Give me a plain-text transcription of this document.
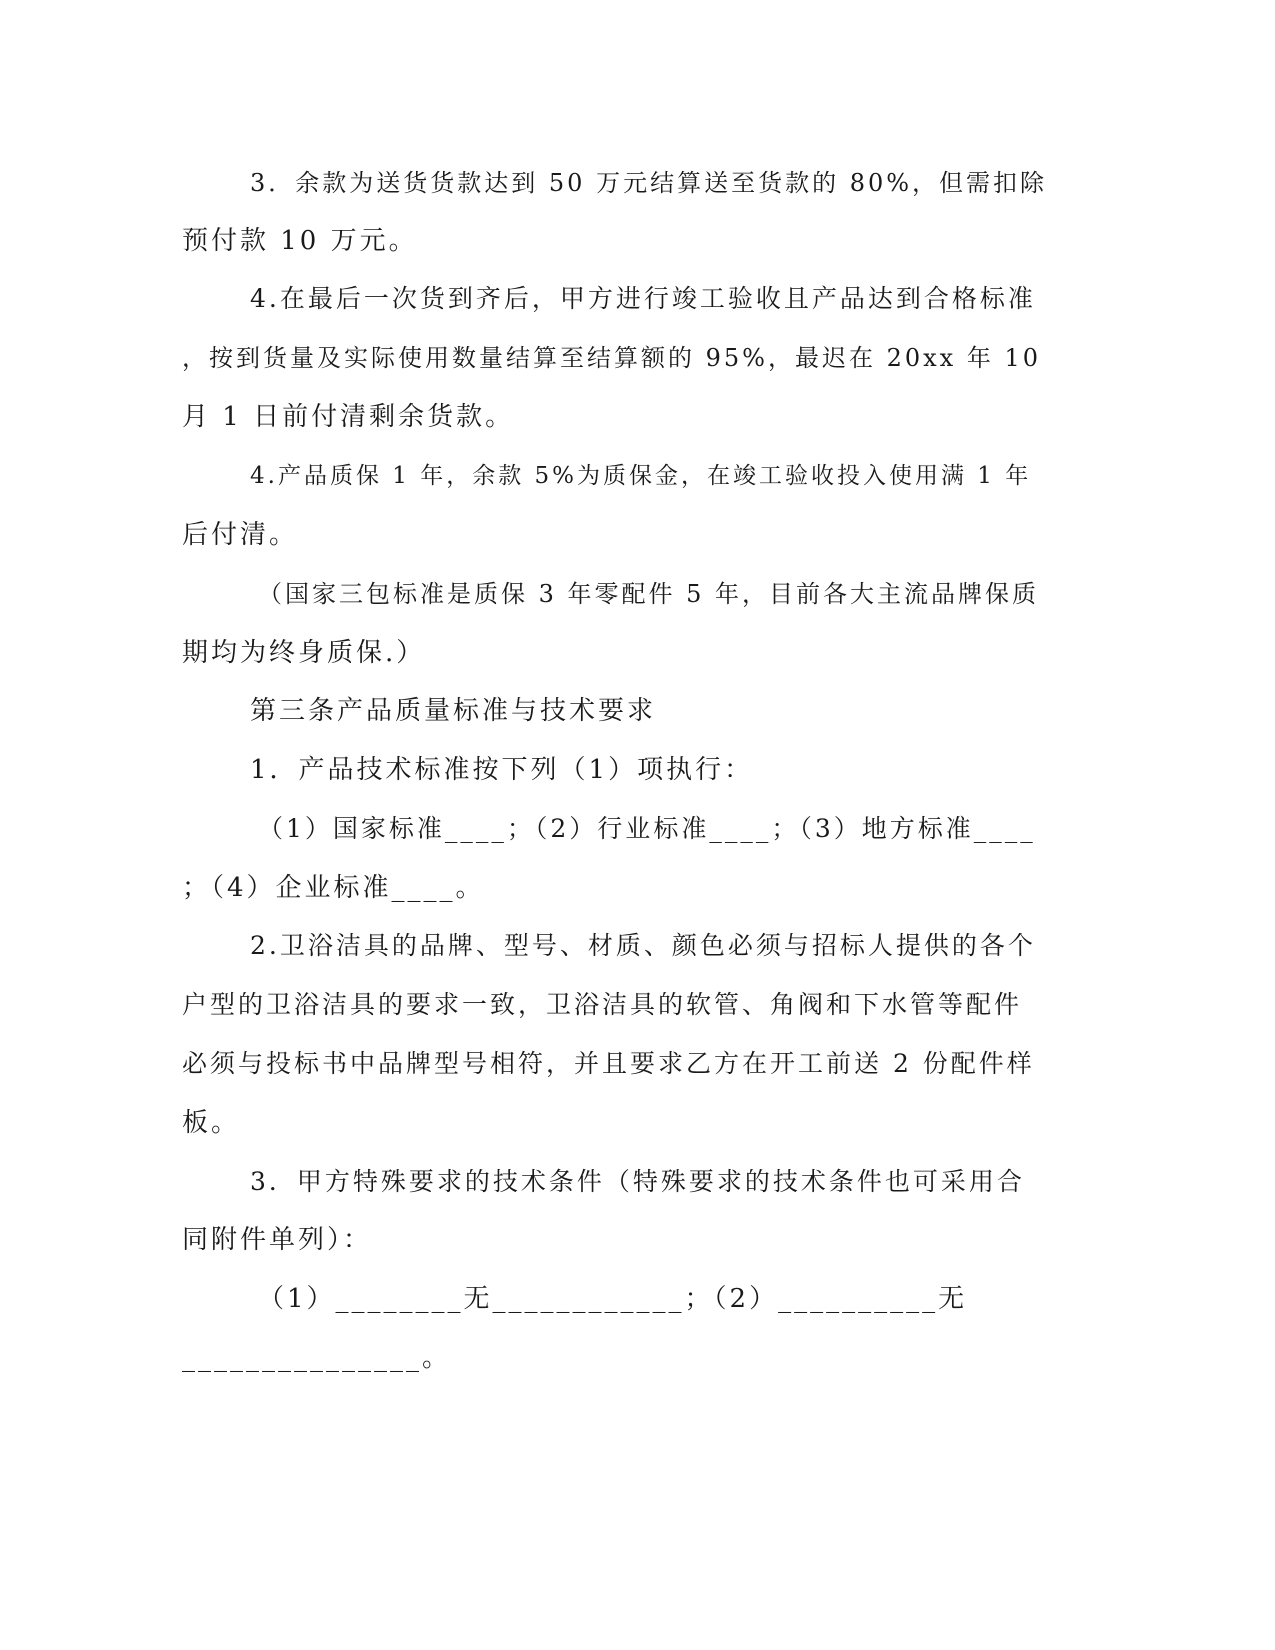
3．余款为送货货款达到 50 万元结算送至货款的 80%，但需扣除
预付款 10 万元。
4.在最后一次货到齐后，甲方进行竣工验收且产品达到合格标准
，按到货量及实际使用数量结算至结算额的 95%，最迟在 20xx 年 10
月 1 日前付清剩余货款。
4.产品质保 1 年，余款 5%为质保金，在竣工验收投入使用满 1 年
后付清。
（国家三包标准是质保 3 年零配件 5 年，目前各大主流品牌保质
期均为终身质保.）
第三条产品质量标准与技术要求
1．产品技术标准按下列（1）项执行：
（1）国家标准____；（2）行业标准____；（3）地方标准____
；（4）企业标准____。
2.卫浴洁具的品牌、型号、材质、颜色必须与招标人提供的各个
户型的卫浴洁具的要求一致，卫浴洁具的软管、角阀和下水管等配件
必须与投标书中品牌型号相符，并且要求乙方在开工前送 2 份配件样
板。
3．甲方特殊要求的技术条件（特殊要求的技术条件也可采用合
同附件单列）：
（1）________无____________；（2）__________无
_______________。
